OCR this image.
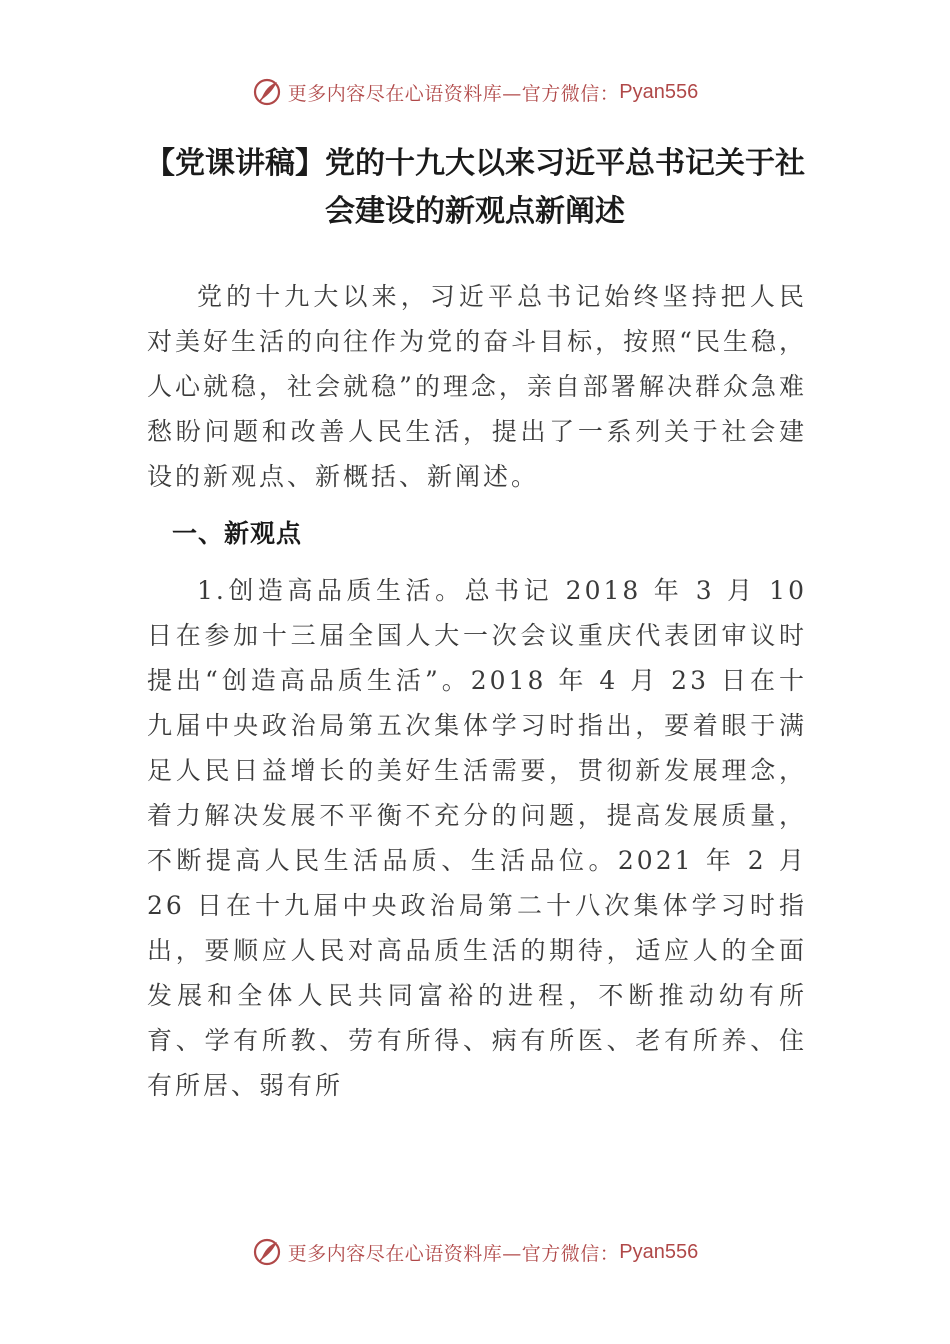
更多内容尽在心语资料库—官方微信： Pyan556
【党课讲稿】党的十九大以来习近平总书记关于社会建设的新观点新阐述

党的十九大以来，习近平总书记始终坚持把人民对美好生活的向往作为党的奋斗目标，按照“民生稳，人心就稳，社会就稳”的理念，亲自部署解决群众急难愁盼问题和改善人民生活，提出了一系列关于社会建设的新观点、新概括、新阐述。

一、新观点

1.创造高品质生活。总书记 2018 年 3 月 10 日在参加十三届全国人大一次会议重庆代表团审议时提出“创造高品质生活”。2018 年 4 月 23 日在十九届中央政治局第五次集体学习时指出，要着眼于满足人民日益增长的美好生活需要，贯彻新发展理念，着力解决发展不平衡不充分的问题，提高发展质量，不断提高人民生活品质、生活品位。2021 年 2 月 26 日在十九届中央政治局第二十八次集体学习时指出，要顺应人民对高品质生活的期待，适应人的全面发展和全体人民共同富裕的进程，不断推动幼有所育、学有所教、劳有所得、病有所医、老有所养、住有所居、弱有所

更多内容尽在心语资料库—官方微信： Pyan556
